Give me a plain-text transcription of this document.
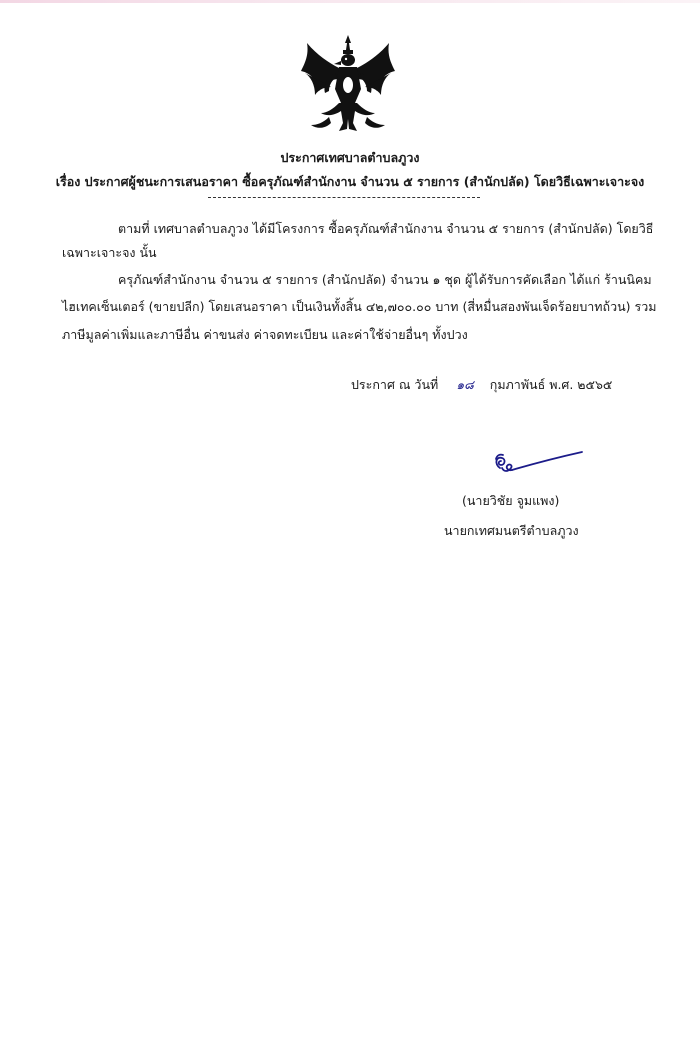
ประกาศเทศบาลตำบลภูวง
เรื่อง ประกาศผู้ชนะการเสนอราคา ซื้อครุภัณฑ์สำนักงาน จำนวน ๕ รายการ (สำนักปลัด) โดยวิธีเฉพาะเจาะจง
ตามที่ เทศบาลตำบลภูวง ได้มีโครงการ ซื้อครุภัณฑ์สำนักงาน จำนวน ๕ รายการ (สำนักปลัด) โดยวิธี
เฉพาะเจาะจง นั้น
ครุภัณฑ์สำนักงาน จำนวน ๕ รายการ (สำนักปลัด) จำนวน ๑ ชุด ผู้ได้รับการคัดเลือก ได้แก่ ร้านนิคม
ไฮเทคเซ็นเตอร์ (ขายปลีก) โดยเสนอราคา เป็นเงินทั้งสิ้น ๔๒,๗๐๐.๐๐ บาท (สี่หมื่นสองพันเจ็ดร้อยบาทถ้วน) รวม
ภาษีมูลค่าเพิ่มและภาษีอื่น ค่าขนส่ง ค่าจดทะเบียน และค่าใช้จ่ายอื่นๆ ทั้งปวง
ประกาศ ณ วันที่ ๑๘ กุมภาพันธ์ พ.ศ. ๒๕๖๕
(นายวิชัย จูมแพง)
นายกเทศมนตรีตำบลภูวง
